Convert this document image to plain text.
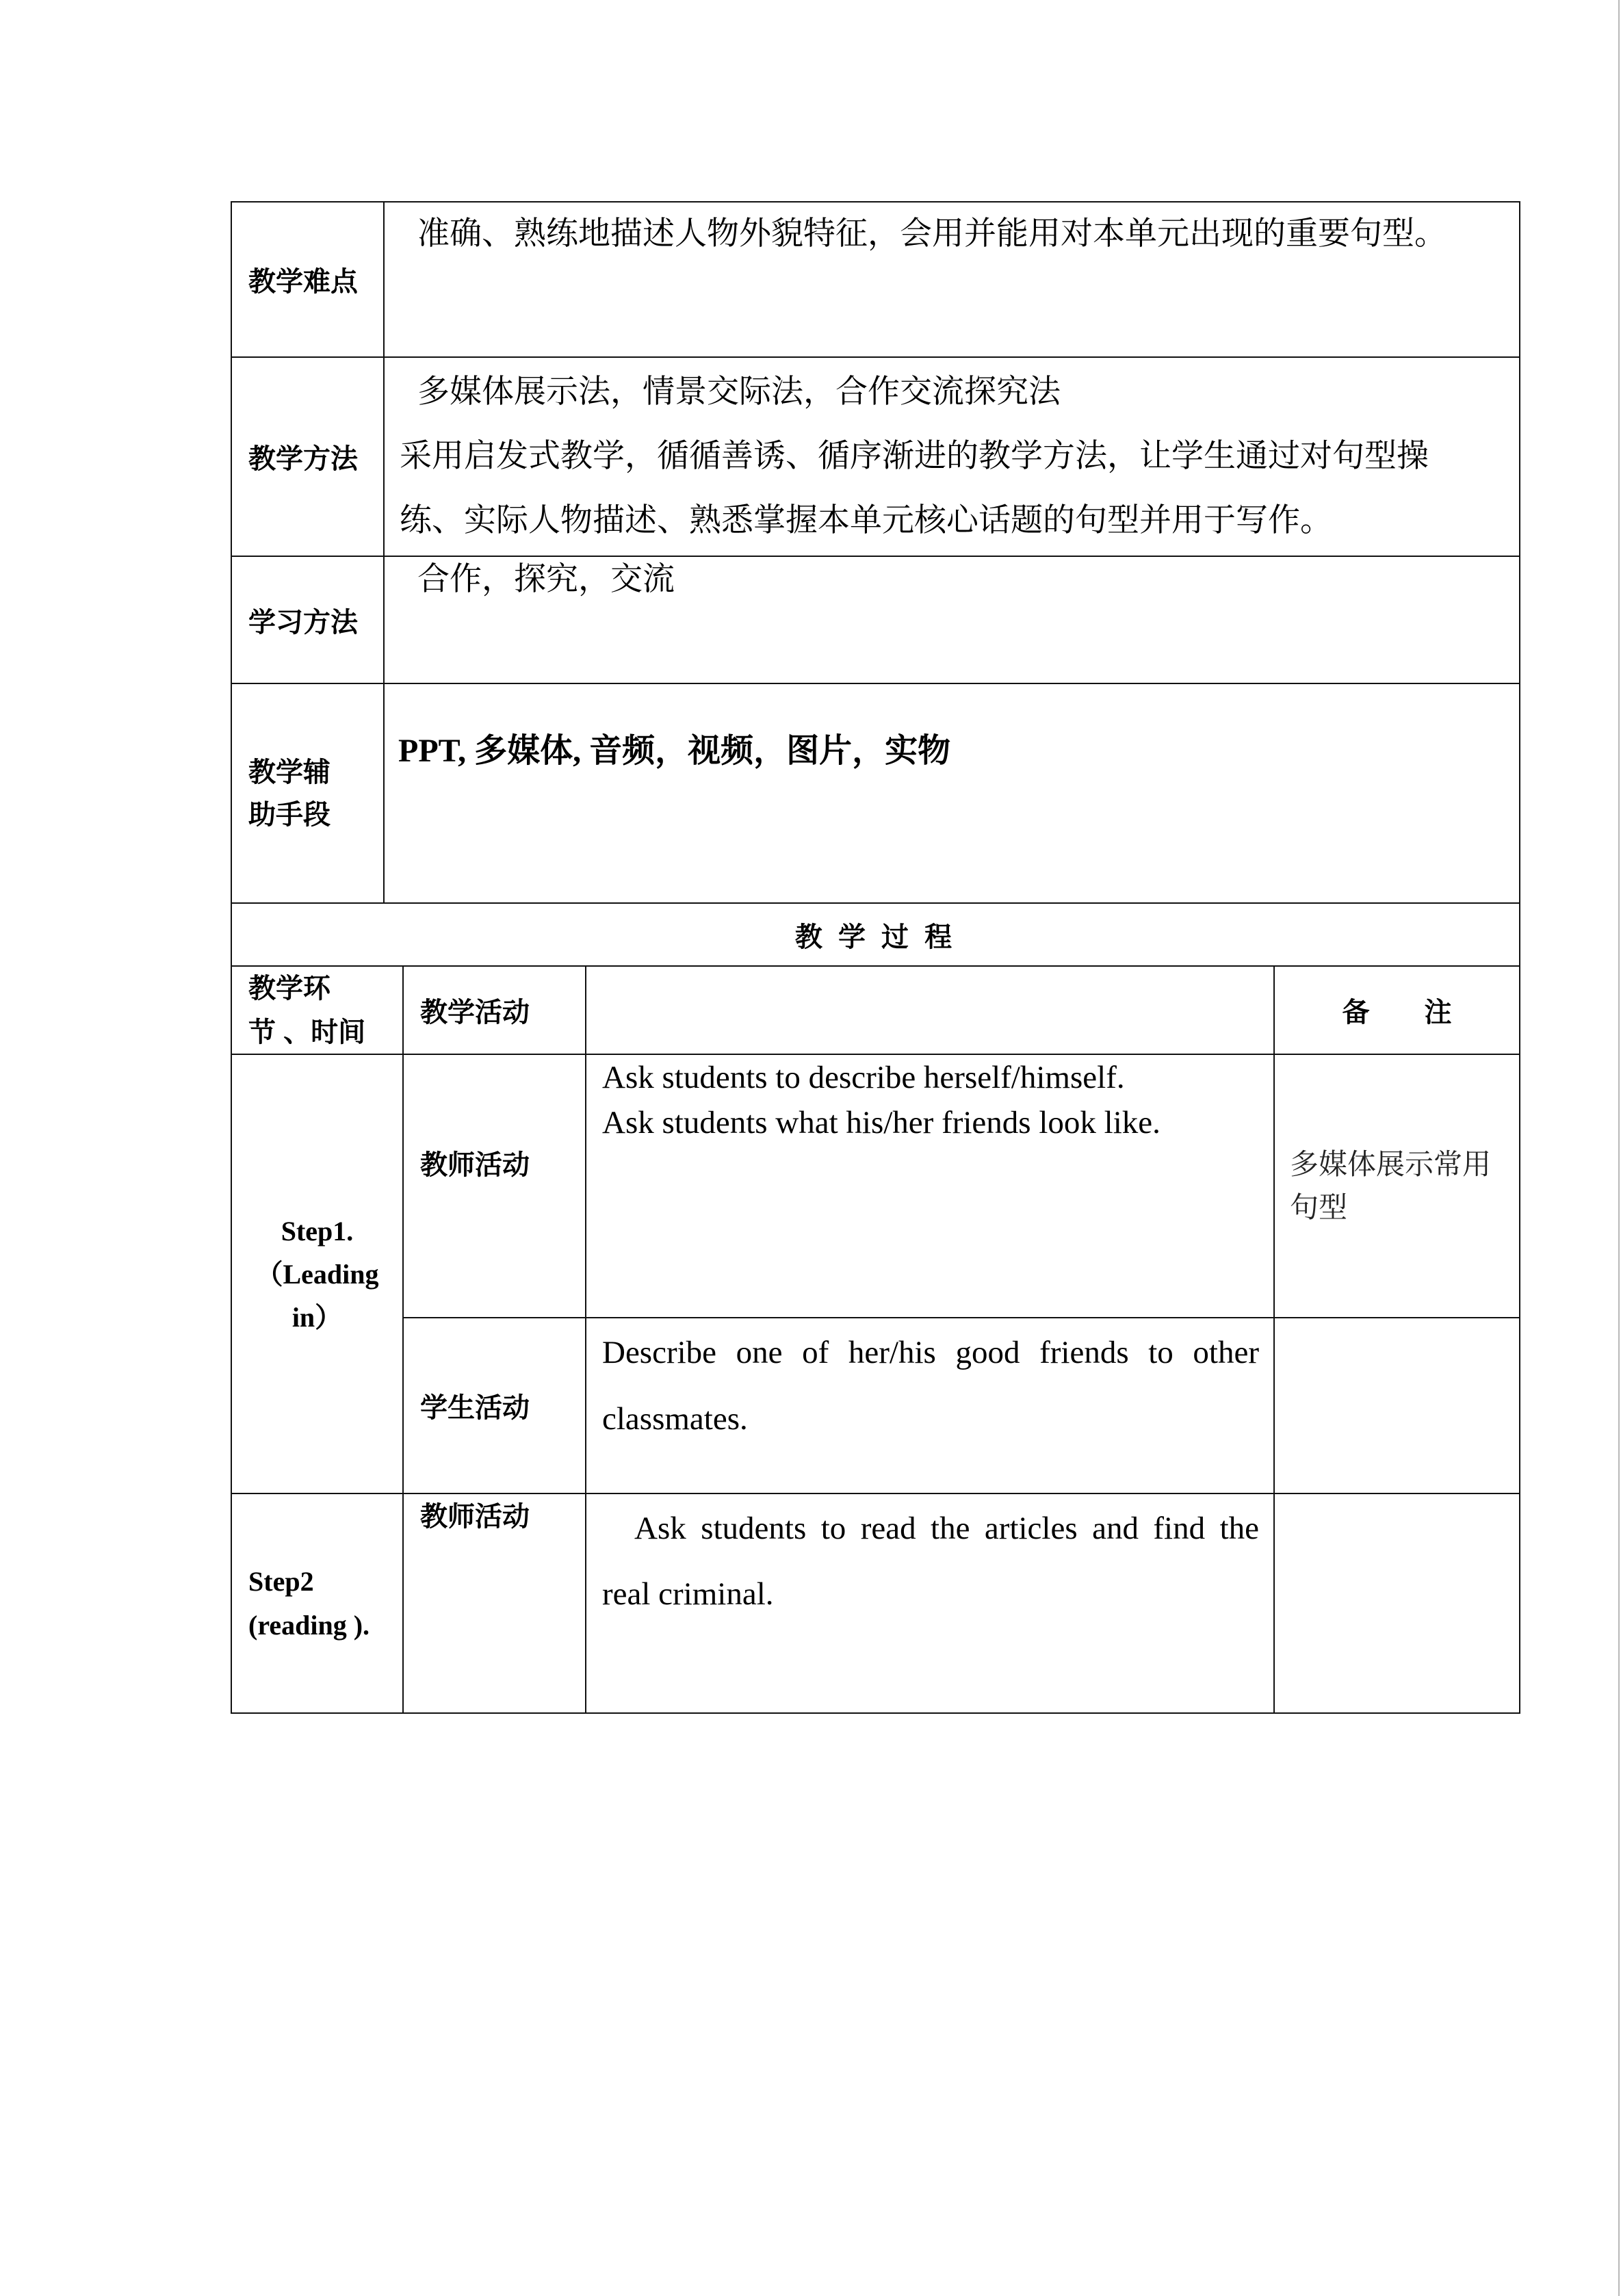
教学难点
准确、熟练地描述人物外貌特征，会用并能用对本单元出现的重要句型。
教学方法
多媒体展示法，情景交际法，合作交流探究法
采用启发式教学，循循善诱、循序渐进的教学方法，让学生通过对句型操
练、实际人物描述、熟悉掌握本单元核心话题的句型并用于写作。
学习方法
合作，探究，交流
教学辅
助手段
PPT, 多媒体, 音频，视频，图片，实物
教 学 过 程
教学环
节 、时间
教学活动	备　　注
Step1.
（Leading
in）
教师活动
Ask students to describe herself/himself.
Ask students what his/her friends look like.
多媒体展示常用
句型
学生活动
Describe one of her/his good friends to other
classmates.
Step2
(reading ).
教师活动	Ask students to read the articles and find the
real criminal.
